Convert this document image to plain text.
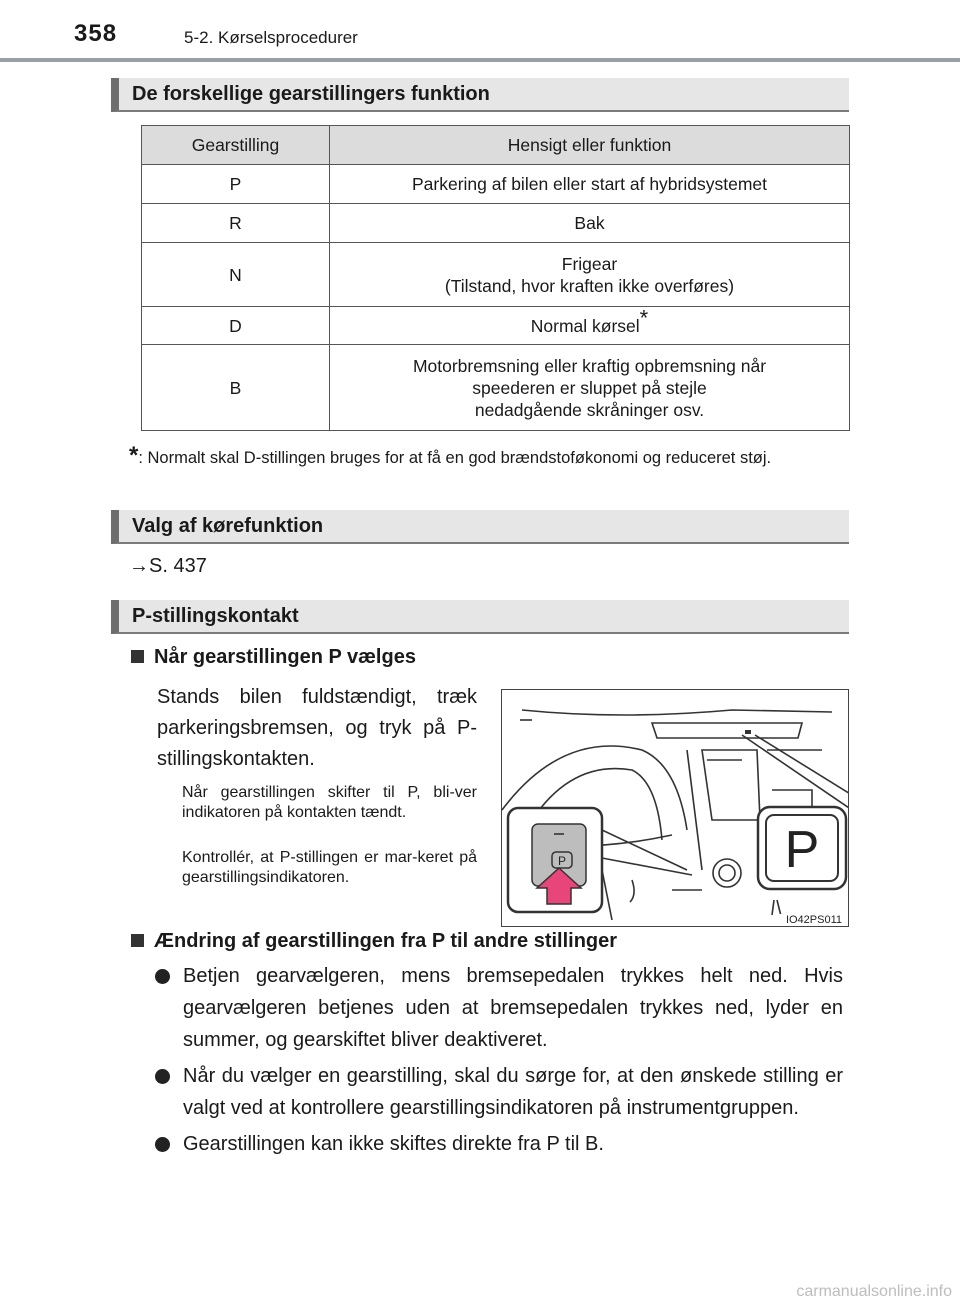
358	5-2. Kørselsprocedurer
De forskellige gearstillingers funktion
Gearstilling	Hensigt eller funktion
P	Parkering af bilen eller start af hybridsystemet
R	Bak
N	Frigear
(Tilstand, hvor kraften ikke overføres)
D	Normal kørsel*
B	Motorbremsning eller kraftig opbremsning når
speederen er sluppet på stejle
nedadgående skråninger osv.
*: Normalt skal D-stillingen bruges for at få en god brændstoføkonomi og reduceret støj.
Valg af kørefunktion
→S. 437
P-stillingskontakt
Når gearstillingen P vælges
Stands bilen fuldstændigt, træk parkeringsbremsen, og tryk på P-stillingskontakten.
Når gearstillingen skifter til P, bli-ver indikatoren på kontakten tændt.
Kontrollér, at P-stillingen er mar-keret på gearstillingsindikatoren.	P
P
IO42PS011
Ændring af gearstillingen fra P til andre stillinger
Betjen gearvælgeren, mens bremsepedalen trykkes helt ned. Hvis gearvælgeren betjenes uden at bremsepedalen trykkes ned, lyder en summer, og gearskiftet bliver deaktiveret.
Når du vælger en gearstilling, skal du sørge for, at den ønskede stilling er valgt ved at kontrollere gearstillingsindikatoren på instrumentgruppen.
Gearstillingen kan ikke skiftes direkte fra P til B.
carmanualsonline.info
